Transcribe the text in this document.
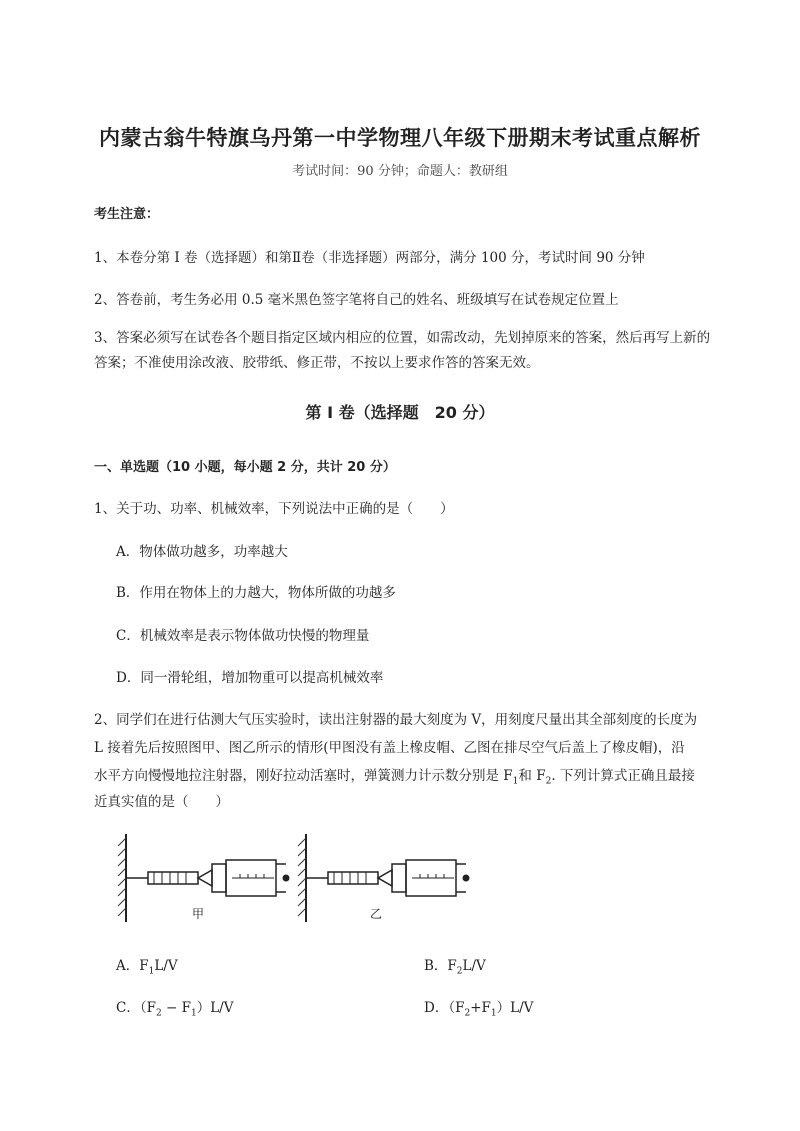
内蒙古翁牛特旗乌丹第一中学物理八年级下册期末考试重点解析
考试时间：90 分钟；命题人：教研组
考生注意：
1、本卷分第 I 卷（选择题）和第Ⅱ卷（非选择题）两部分，满分 100 分，考试时间 90 分钟
2、答卷前，考生务必用 0.5 毫米黑色签字笔将自己的姓名、班级填写在试卷规定位置上
3、答案必须写在试卷各个题目指定区域内相应的位置，如需改动，先划掉原来的答案，然后再写上新的答案；不准使用涂改液、胶带纸、修正带，不按以上要求作答的答案无效。
第 I 卷（选择题　20 分）
一、单选题（10 小题，每小题 2 分，共计 20 分）
1、关于功、功率、机械效率，下列说法中正确的是（　　）
A．物体做功越多，功率越大
B．作用在物体上的力越大，物体所做的功越多
C．机械效率是表示物体做功快慢的物理量
D．同一滑轮组，增加物重可以提高机械效率
2、同学们在进行估测大气压实验时，读出注射器的最大刻度为 V，用刻度尺量出其全部刻度的长度为
L 接着先后按照图甲、图乙所示的情形(甲图没有盖上橡皮帽、乙图在排尽空气后盖上了橡皮帽)，沿
水平方向慢慢地拉注射器，刚好拉动活塞时，弹簧测力计示数分别是 $F_1$和 $F_2$. 下列计算式正确且最接
近真实值的是（　　）
甲	乙
A．$F_1L/V$	B．$F_2L/V$
C．$(F_2 - F_1)L/V$	D．$(F_2+F_1)L/V$
